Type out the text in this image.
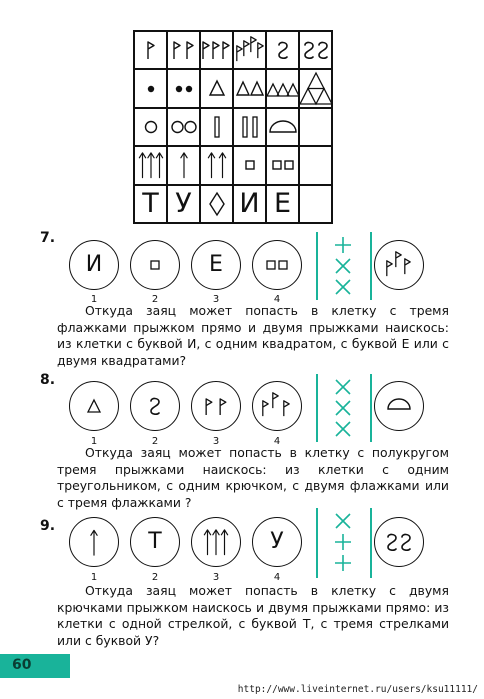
Т У И Е
7.
И	Е
1	2	3	4

Откуда заяц может попасть в клетку с тремя флажками прыжком прямо и двумя прыжками наискось: из клетки с буквой И, с одним квадратом, с буквой Е или с двумя квадратами?

8.
1	2	3	4

Откуда заяц может попасть в клетку с полукругом тремя прыжками наискось: из клетки с одним треугольником, с одним крючком, с двумя флажками или с тремя флажками ?

9.
Т	У
1	2	3	4

Откуда заяц может попасть в клетку с двумя крючками прыжком наискось и двумя прыжками прямо: из клетки с одной стрелкой, с буквой Т, с тремя стрелками или с буквой У?

60
http://www.liveinternet.ru/users/ksu11111/
